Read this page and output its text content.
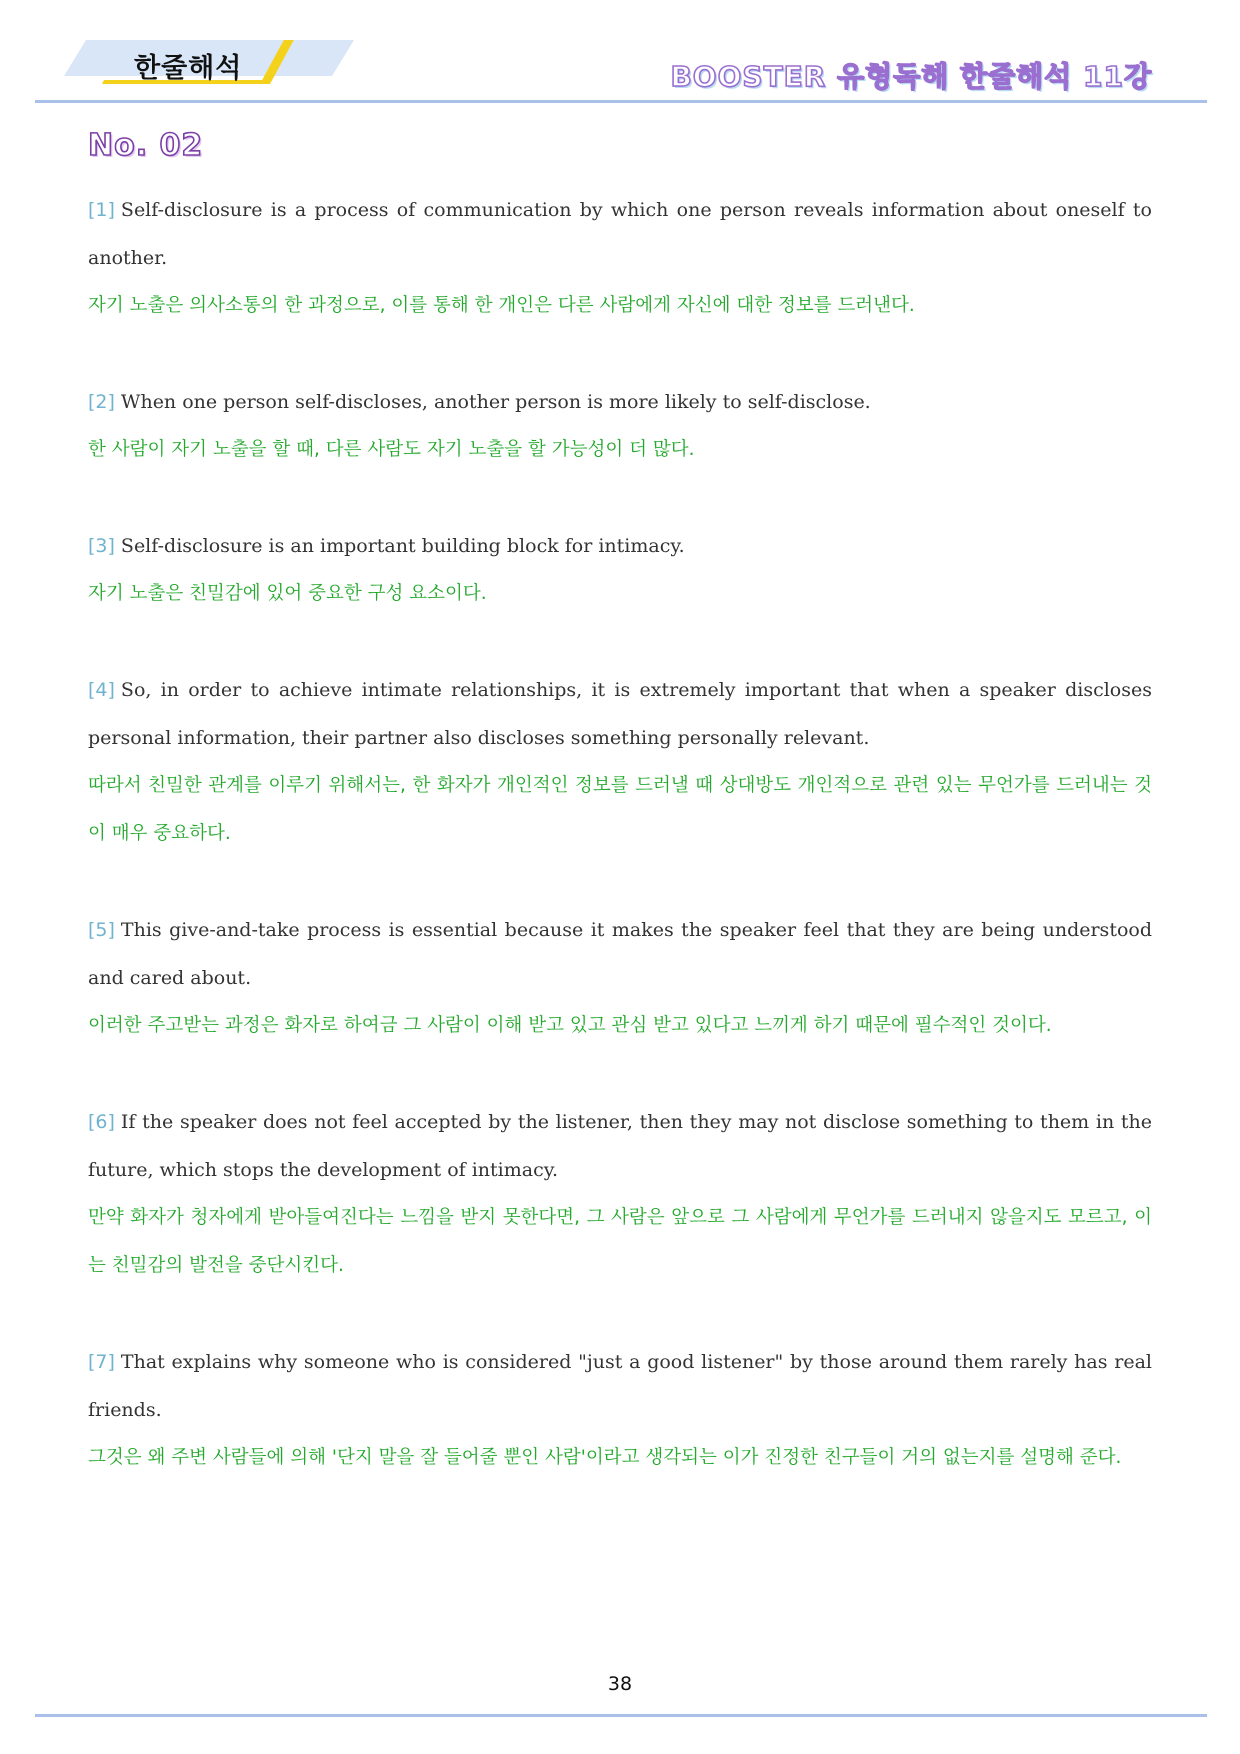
한줄해석	BOOSTER 유형독해 한줄해석 11강
No. 02

[1] Self-disclosure is a process of communication by which one person reveals information about oneself to another.

자기 노출은 의사소통의 한 과정으로, 이를 통해 한 개인은 다른 사람에게 자신에 대한 정보를 드러낸다.

[2] When one person self-discloses, another person is more likely to self-disclose.

한 사람이 자기 노출을 할 때, 다른 사람도 자기 노출을 할 가능성이 더 많다.

[3] Self-disclosure is an important building block for intimacy.

자기 노출은 친밀감에 있어 중요한 구성 요소이다.

[4] So, in order to achieve intimate relationships, it is extremely important that when a speaker discloses personal information, their partner also discloses something personally relevant.

따라서 친밀한 관계를 이루기 위해서는, 한 화자가 개인적인 정보를 드러낼 때 상대방도 개인적으로 관련 있는 무언가를 드러내는 것이 매우 중요하다.

[5] This give-and-take process is essential because it makes the speaker feel that they are being understood and cared about.

이러한 주고받는 과정은 화자로 하여금 그 사람이 이해 받고 있고 관심 받고 있다고 느끼게 하기 때문에 필수적인 것이다.

[6] If the speaker does not feel accepted by the listener, then they may not disclose something to them in the future, which stops the development of intimacy.

만약 화자가 청자에게 받아들여진다는 느낌을 받지 못한다면, 그 사람은 앞으로 그 사람에게 무언가를 드러내지 않을지도 모르고, 이는 친밀감의 발전을 중단시킨다.

[7] That explains why someone who is considered "just a good listener" by those around them rarely has real friends.

그것은 왜 주변 사람들에 의해 '단지 말을 잘 들어줄 뿐인 사람'이라고 생각되는 이가 진정한 친구들이 거의 없는지를 설명해 준다.

38
